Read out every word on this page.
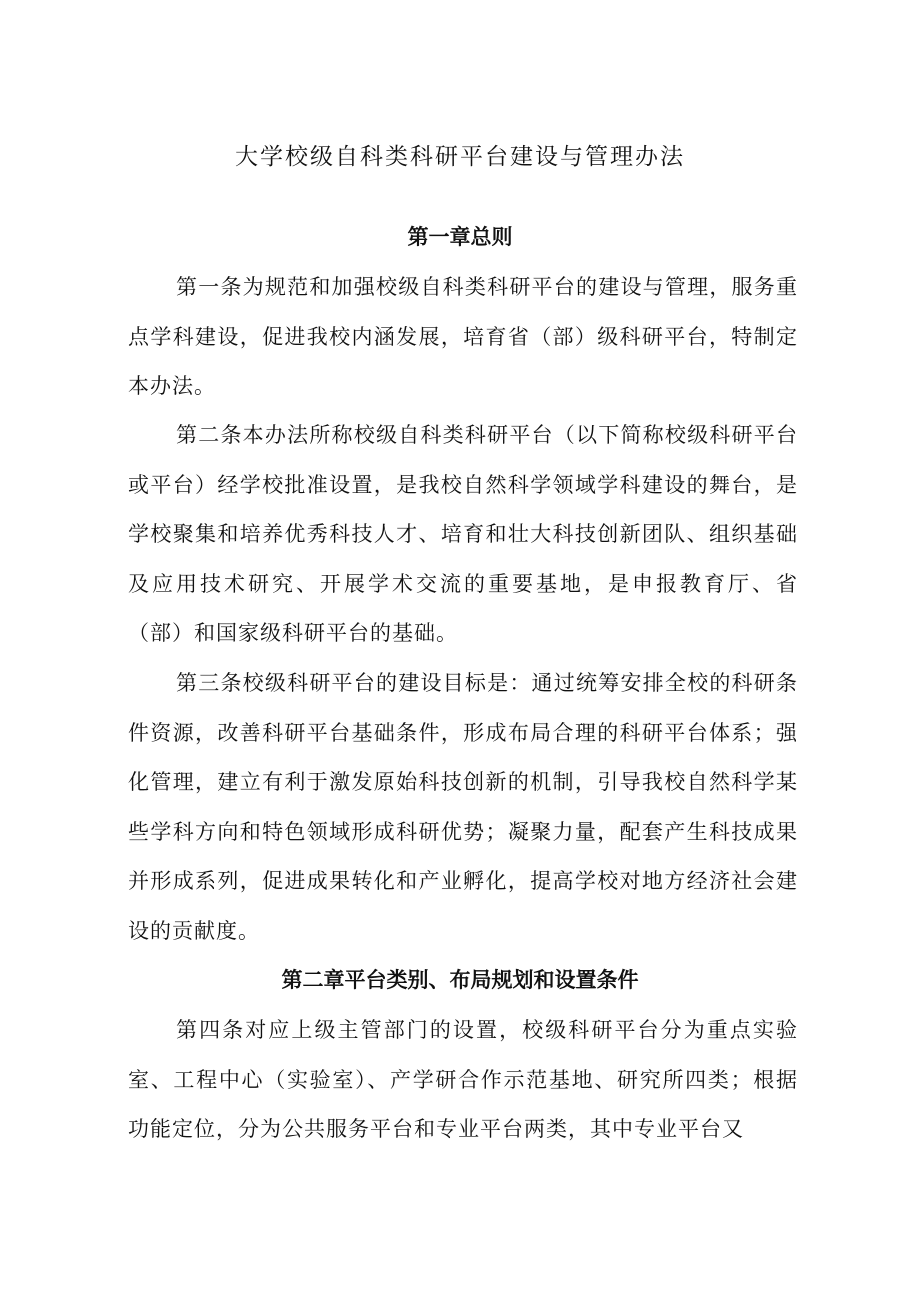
大学校级自科类科研平台建设与管理办法
第一章总则

第一条为规范和加强校级自科类科研平台的建设与管理，服务重点学科建设，促进我校内涵发展，培育省（部）级科研平台，特制定本办法。

第二条本办法所称校级自科类科研平台（以下简称校级科研平台或平台）经学校批准设置，是我校自然科学领域学科建设的舞台，是学校聚集和培养优秀科技人才、培育和壮大科技创新团队、组织基础及应用技术研究、开展学术交流的重要基地，是申报教育厅、省（部）和国家级科研平台的基础。

第三条校级科研平台的建设目标是：通过统筹安排全校的科研条件资源，改善科研平台基础条件，形成布局合理的科研平台体系；强化管理，建立有利于激发原始科技创新的机制，引导我校自然科学某些学科方向和特色领域形成科研优势；凝聚力量，配套产生科技成果并形成系列，促进成果转化和产业孵化，提高学校对地方经济社会建设的贡献度。

第二章平台类别、布局规划和设置条件

第四条对应上级主管部门的设置，校级科研平台分为重点实验室、工程中心（实验室）、产学研合作示范基地、研究所四类；根据功能定位，分为公共服务平台和专业平台两类，其中专业平台又
